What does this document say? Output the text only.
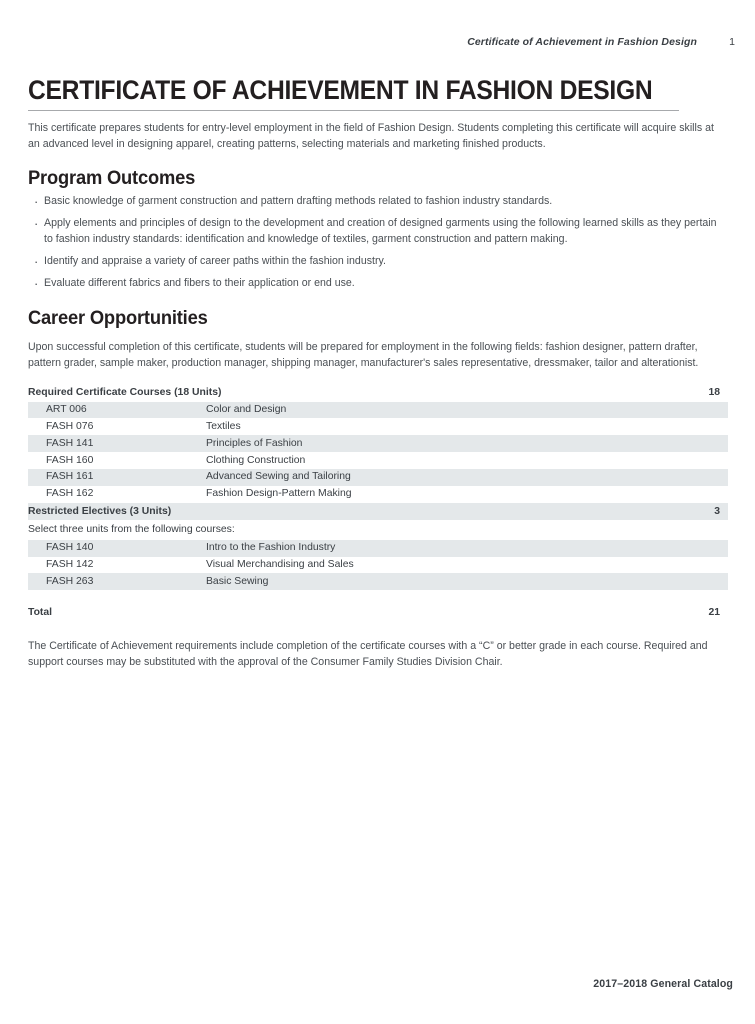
Certificate of Achievement in Fashion Design	1
CERTIFICATE OF ACHIEVEMENT IN FASHION DESIGN

This certificate prepares students for entry-level employment in the field of Fashion Design. Students completing this certificate will acquire skills at an advanced level in designing apparel, creating patterns, selecting materials and marketing finished products.

Program Outcomes
· Basic knowledge of garment construction and pattern drafting methods related to fashion industry standards.
· Apply elements and principles of design to the development and creation of designed garments using the following learned skills as they pertain to fashion industry standards: identification and knowledge of textiles, garment construction and pattern making.
· Identify and appraise a variety of career paths within the fashion industry.
· Evaluate different fabrics and fibers to their application or end use.
Career Opportunities

Upon successful completion of this certificate, students will be prepared for employment in the following fields: fashion designer, pattern drafter, pattern grader, sample maker, production manager, shipping manager, manufacturer's sales representative, dressmaker, tailor and alterationist.

Required Certificate Courses (18 Units)	18
ART 006	Color and Design
FASH 076	Textiles
FASH 141	Principles of Fashion
FASH 160	Clothing Construction
FASH 161	Advanced Sewing and Tailoring
FASH 162	Fashion Design-Pattern Making
Restricted Electives (3 Units)	3
Select three units from the following courses:
FASH 140	Intro to the Fashion Industry
FASH 142	Visual Merchandising and Sales
FASH 263	Basic Sewing
Total	21

The Certificate of Achievement requirements include completion of the certificate courses with a “C” or better grade in each course. Required and support courses may be substituted with the approval of the Consumer Family Studies Division Chair.

2017–2018 General Catalog
